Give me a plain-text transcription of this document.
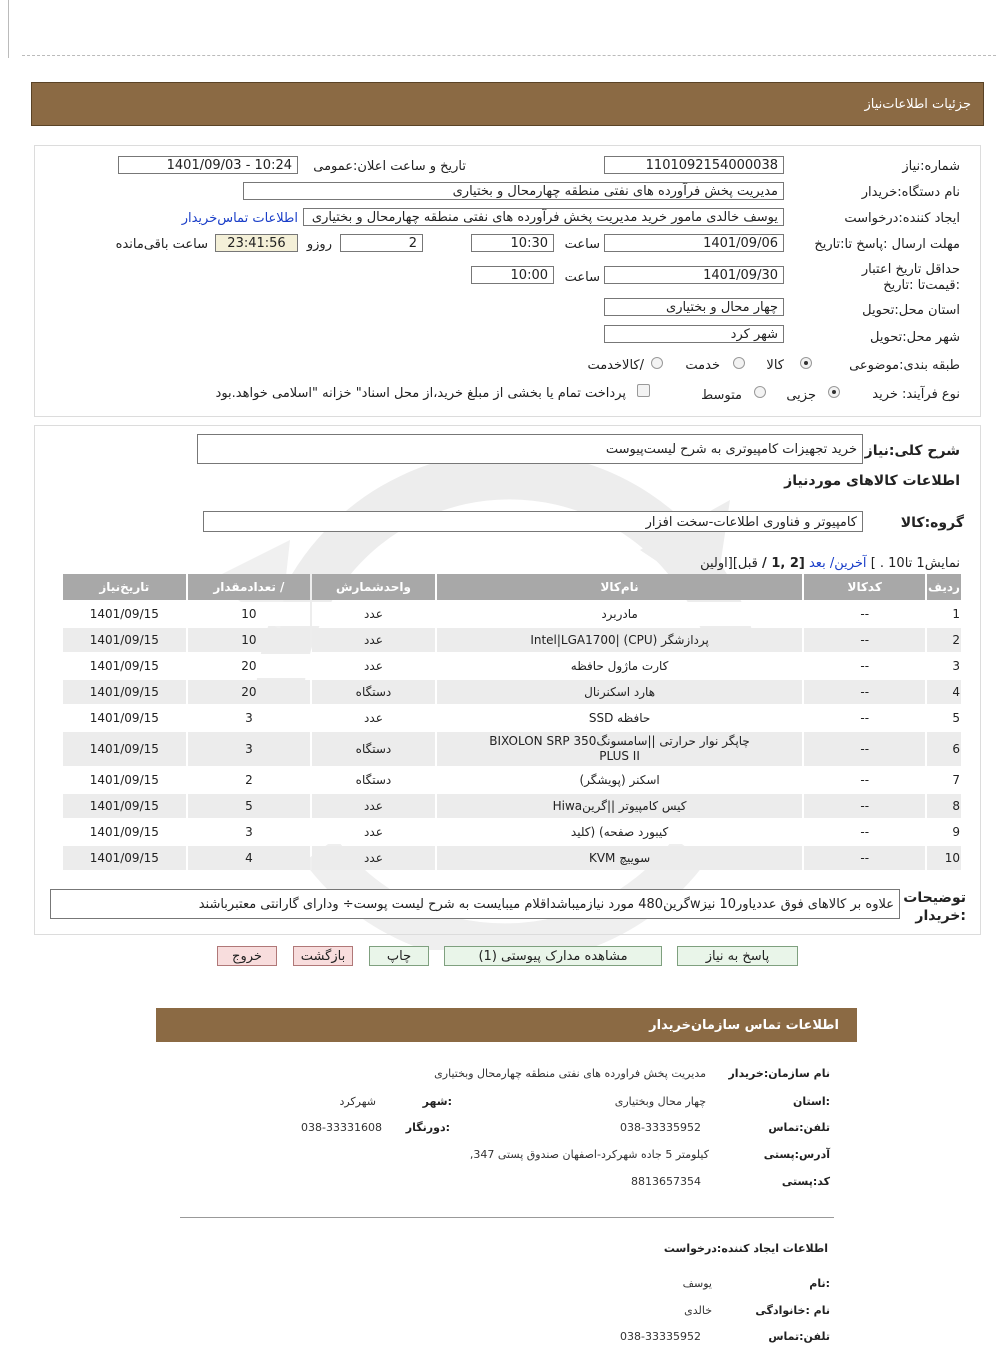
جزئیات اطلاعات‌نیاز
شماره:نیاز
1101092154000038
تاریخ و ساعت اعلان:عمومی
1401/09/03 - 10:24
نام دستگاه:خریدار
مدیریت پخش فرآورده های نفتی منطقه چهارمحال و بختیاری
ایجاد کننده:درخواست
یوسف خالدی مامور خرید مدیریت پخش فرآورده های نفتی منطقه چهارمحال و بختیاری
اطلاعات تماس‌خریدار
مهلت ارسال :پاسخ تا:تاریخ
1401/09/06
ساعت
10:30
2
روزو
23:41:56
ساعت باقی‌مانده
حداقل تاریخ اعتبار :قیمت‌تا :تاریخ
1401/09/30
ساعت
10:00
استان محل:تحویل
چهار محال و بختیاری
شهر محل:تحویل
شهر کرد
طبقه بندی:موضوعی
کالا
خدمت
/کالاخدمت
نوع فرآیند: خرید
جزیی
متوسط
پرداخت تمام یا بخشی از مبلغ خرید،از محل اسناد" خزانه "اسلامی خواهد.بود
شرح کلی:نیاز
خرید تجهیزات کامپیوتری به شرح لیست‌پیوست
اطلاعات کالاهای موردنیاز
گروه:کالا
کامپیوتر و فناوری اطلاعات-سخت افزار
نمایش1 تا10 . ] آخرین/ بعد [2 ,1 / قبل][اولین
ردیف	کدکالا	نام‌کالا	واحدشمارش	/ تعدادمقدار	تاریخ‌نیاز
1	--	مادربرد	عدد	10	1401/09/15
2	--	پردازشگر (CPU) |Intel|LGA1700	عدد	10	1401/09/15
3	--	کارت ماژول حافظه	عدد	20	1401/09/15
4	--	هارد اسکنرنال	دستگاه	20	1401/09/15
5	--	حافظه SSD	عدد	3	1401/09/15
6	--	چاپگر نوار حرارتی ||سامسونگBIXOLON SRP 350 PLUS II	دستگاه	3	1401/09/15
7	--	اسکنر (پویشگر)	دستگاه	2	1401/09/15
8	--	کیس کامپیوتر ||گرینHiwa	عدد	5	1401/09/15
9	--	کیبورد صفحه) (کلید	عدد	3	1401/09/15
10	--	سوییچ KVM	عدد	4	1401/09/15
توضیحات :خریدار
علاوه بر کالاهای فوق عددیاور10 نیزwگرین480 مورد نیازمیباشداقلام میبایست به شرح لیست پوست÷ ودارای گارانتی معتبرباشند
پاسخ به نیاز
مشاهده مدارک پیوستی (1)
چاپ
بازگشت
خروج
اطلاعات تماس سازمان‌خریدار
نام سازمان:خریدار
مدیریت پخش فراورده های نفتی منطقه چهارمحال وبختیاری
:استان
چهار محال وبختیاری
:شهر
شهرکرد
تلفن:تماس
038-33335952
:دورنگار
038-33331608
آدرس:پستی
کیلومتر 5 جاده شهرکرد-اصفهان صندوق پستی 347,
کد:پستی
8813657354
اطلاعات ایجاد کننده:درخواست
:نام
یوسف
نام :خانوادگی
خالدی
تلفن:تماس
038-33335952
